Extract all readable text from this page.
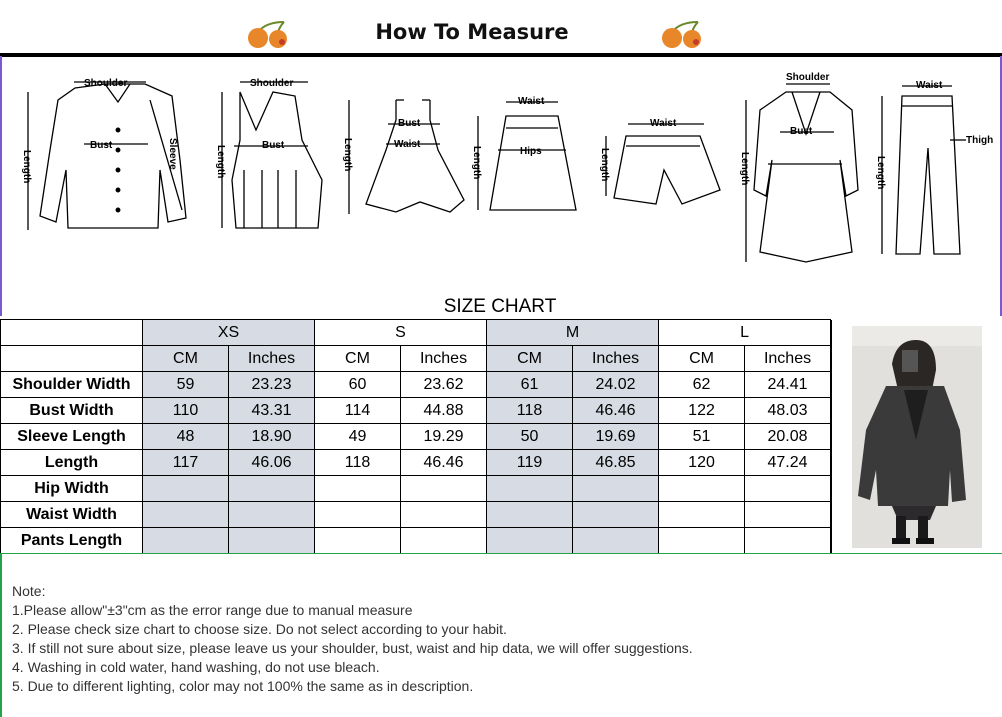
How To Measure
Shoulder
Bust	Sleeve
Length
Shoulder
Bust
Length
Bust
Waist
Length
Waist
Hips
Length
Waist
Length
Shoulder
Bust
Length
Waist
Thigh
Length
SIZE CHART
	XS		S		M		L	
	CM	Inches	CM	Inches	CM	Inches	CM	Inches
Shoulder Width	59	23.23	60	23.62	61	24.02	62	24.41
Bust Width	110	43.31	114	44.88	118	46.46	122	48.03
Sleeve Length	48	18.90	49	19.29	50	19.69	51	20.08
Length	117	46.06	118	46.46	119	46.85	120	47.24
Hip Width								
Waist Width								
Pants Length								
Note:
1.Please allow"±3"cm as the error range due to manual measure
2. Please check size chart to choose size. Do not select according to your habit.
3. If still not sure about size, please leave us your shoulder, bust, waist and hip data, we will offer suggestions.
4. Washing in cold water, hand washing, do not use bleach.
5. Due to different lighting, color may not 100% the same as in description.
